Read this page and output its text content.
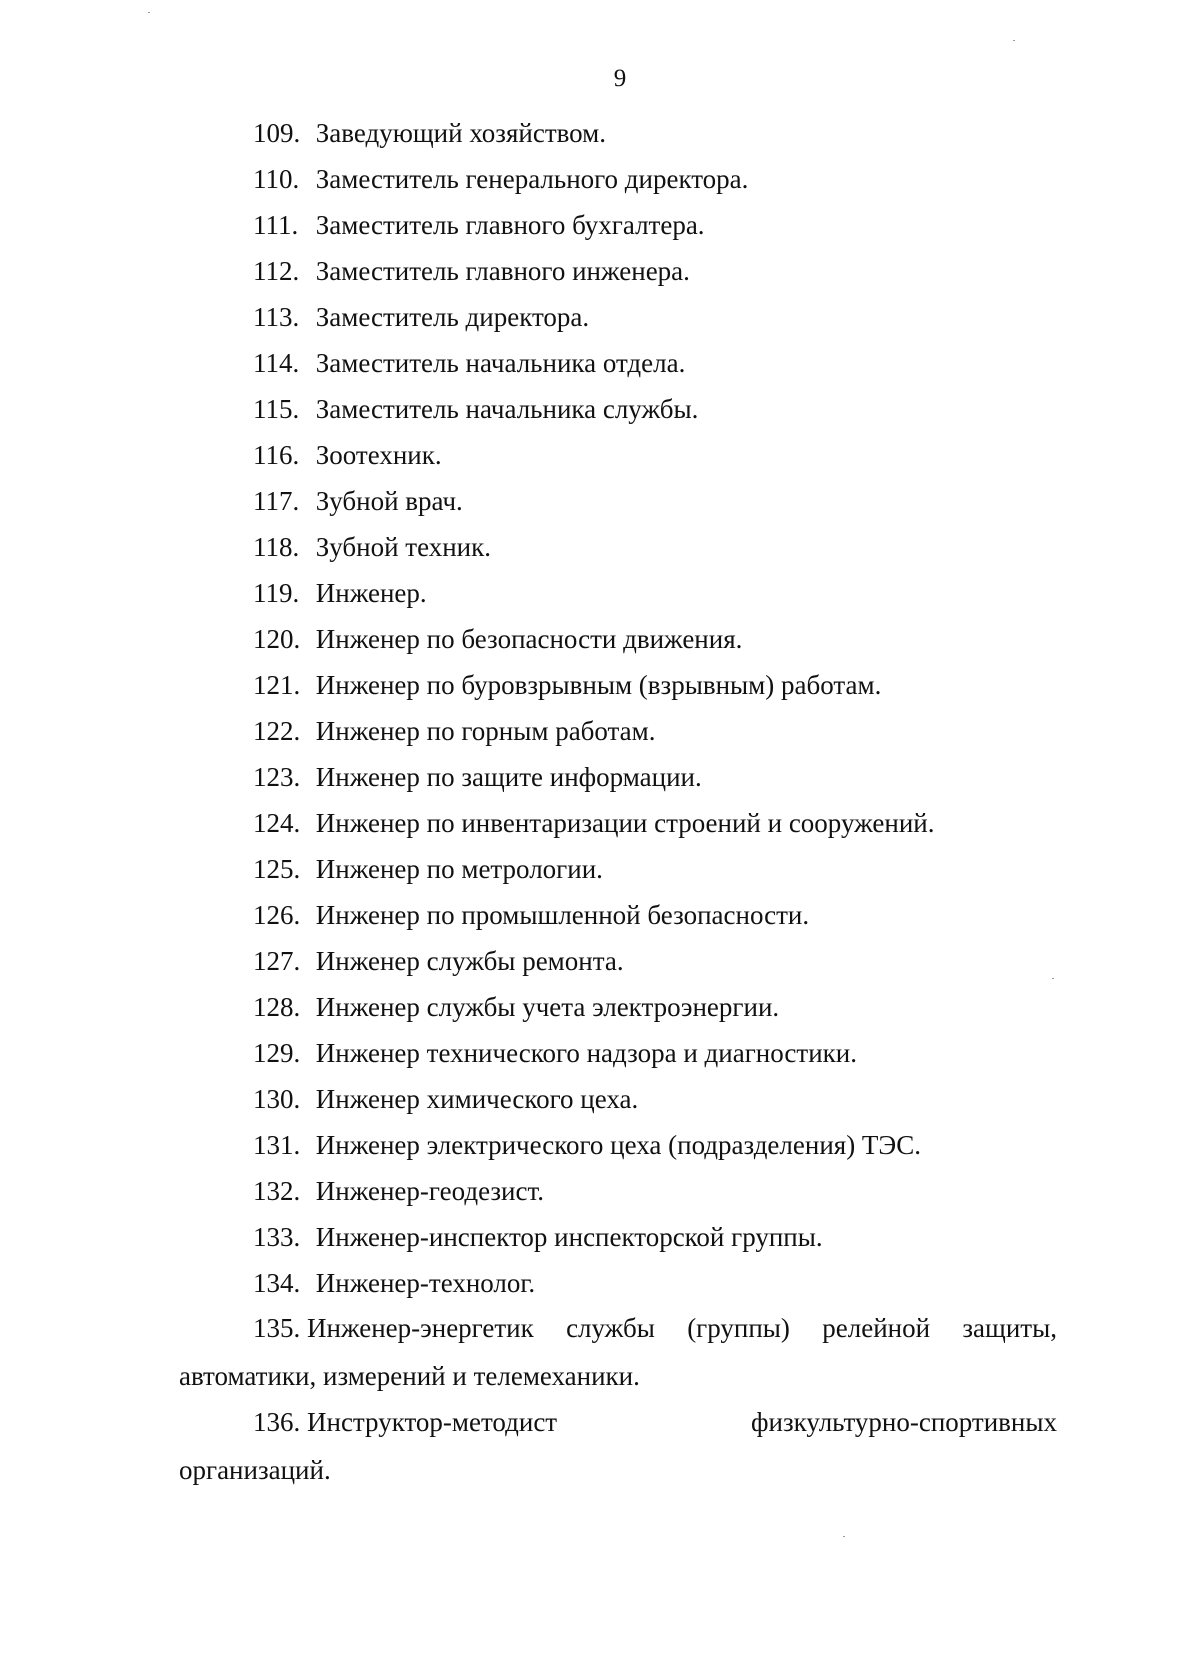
9
109. Заведующий хозяйством.
110. Заместитель генерального директора.
111. Заместитель главного бухгалтера.
112. Заместитель главного инженера.
113. Заместитель директора.
114. Заместитель начальника отдела.
115. Заместитель начальника службы.
116. Зоотехник.
117. Зубной врач.
118. Зубной техник.
119. Инженер.
120. Инженер по безопасности движения.
121. Инженер по буровзрывным (взрывным) работам.
122. Инженер по горным работам.
123. Инженер по защите информации.
124. Инженер по инвентаризации строений и сооружений.
125. Инженер по метрологии.
126. Инженер по промышленной безопасности.
127. Инженер службы ремонта.
128. Инженер службы учета электроэнергии.
129. Инженер технического надзора и диагностики.
130. Инженер химического цеха.
131. Инженер электрического цеха (подразделения) ТЭС.
132. Инженер-геодезист.
133. Инженер-инспектор инспекторской группы.
134. Инженер-технолог.
135. Инженер-энергетик службы (группы) релейной защиты,
автоматики, измерений и телемеханики.
136. Инструктор-методист	физкультурно-спортивных
организаций.
